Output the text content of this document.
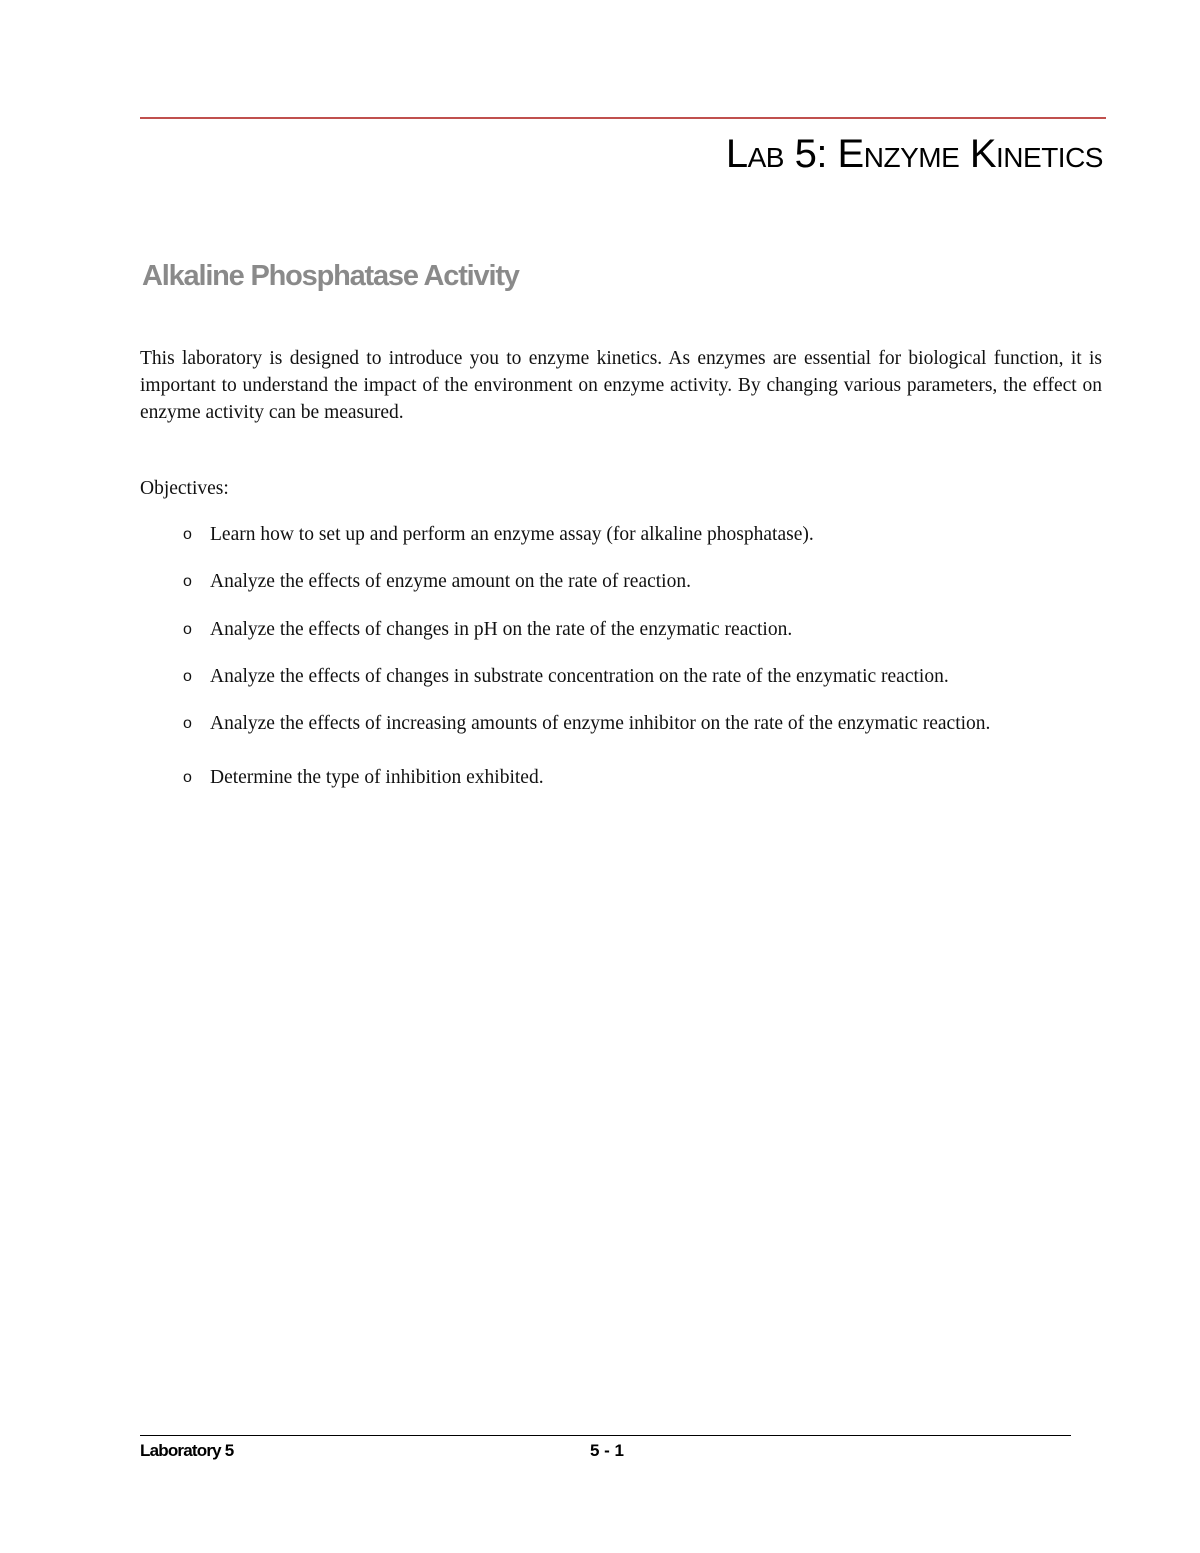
Lab 5: Enzyme Kinetics
Alkaline Phosphatase Activity

This laboratory is designed to introduce you to enzyme kinetics. As enzymes are essential for biological function, it is important to understand the impact of the environment on enzyme activity. By changing various parameters, the effect on enzyme activity can be measured.

Objectives:

o Learn how to set up and perform an enzyme assay (for alkaline phosphatase).
o Analyze the effects of enzyme amount on the rate of reaction.
o Analyze the effects of changes in pH on the rate of the enzymatic reaction.
o Analyze the effects of changes in substrate concentration on the rate of the enzymatic reaction.
o Analyze the effects of increasing amounts of enzyme inhibitor on the rate of the enzymatic reaction.
o Determine the type of inhibition exhibited.

Laboratory 5	5 - 1
